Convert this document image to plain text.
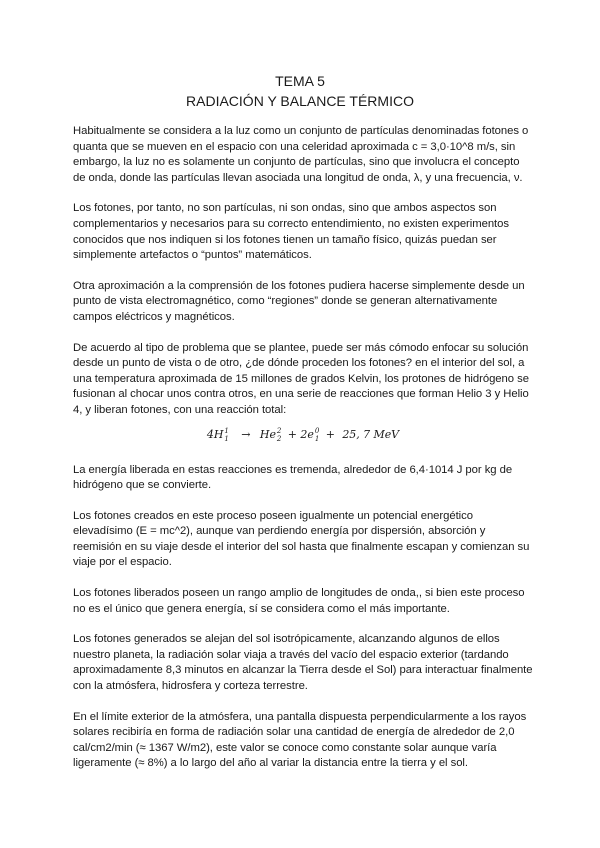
TEMA 5
RADIACIÓN Y BALANCE TÉRMICO

Habitualmente se considera a la luz como un conjunto de partículas denominadas fotones o quanta que se mueven en el espacio con una celeridad aproximada c = 3,0·10^8 m/s, sin embargo, la luz no es solamente un conjunto de partículas, sino que involucra el concepto de onda, donde las partículas llevan asociada una longitud de onda, λ, y una frecuencia, ν.

Los fotones, por tanto, no son partículas, ni son ondas, sino que ambos aspectos son complementarios y necesarios para su correcto entendimiento, no existen experimentos conocidos que nos indiquen si los fotones tienen un tamaño físico, quizás puedan ser simplemente artefactos o “puntos” matemáticos.

Otra aproximación a la comprensión de los fotones pudiera hacerse simplemente desde un punto de vista electromagnético, como “regiones” donde se generan alternativamente campos eléctricos y magnéticos.

De acuerdo al tipo de problema que se plantee, puede ser más cómodo enfocar su solución desde un punto de vista o de otro, ¿de dónde proceden los fotones? en el interior del sol, a una temperatura aproximada de 15 millones de grados Kelvin, los protones de hidrógeno se fusionan al chocar unos contra otros, en una serie de reacciones que forman Helio 3 y Helio 4, y liberan fotones, con una reacción total:

4H 1
1 → He 2
2 + 2e 0
1 + 25, 7 MeV

La energía liberada en estas reacciones es tremenda, alrededor de 6,4·1014 J por kg de hidrógeno que se convierte.

Los fotones creados en este proceso poseen igualmente un potencial energético elevadísimo (E = mc^2), aunque van perdiendo energía por dispersión, absorción y reemisión en su viaje desde el interior del sol hasta que finalmente escapan y comienzan su viaje por el espacio.

Los fotones liberados poseen un rango amplio de longitudes de onda,, si bien este proceso no es el único que genera energía, sí se considera como el más importante.

Los fotones generados se alejan del sol isotrópicamente, alcanzando algunos de ellos nuestro planeta, la radiación solar viaja a través del vacío del espacio exterior (tardando aproximadamente 8,3 minutos en alcanzar la Tierra desde el Sol) para interactuar finalmente con la atmósfera, hidrosfera y corteza terrestre.

En el límite exterior de la atmósfera, una pantalla dispuesta perpendicularmente a los rayos solares recibiría en forma de radiación solar una cantidad de energía de alrededor de 2,0 cal/cm2/min (≈ 1367 W/m2), este valor se conoce como constante solar aunque varía ligeramente (≈ 8%) a lo largo del año al variar la distancia entre la tierra y el sol.
